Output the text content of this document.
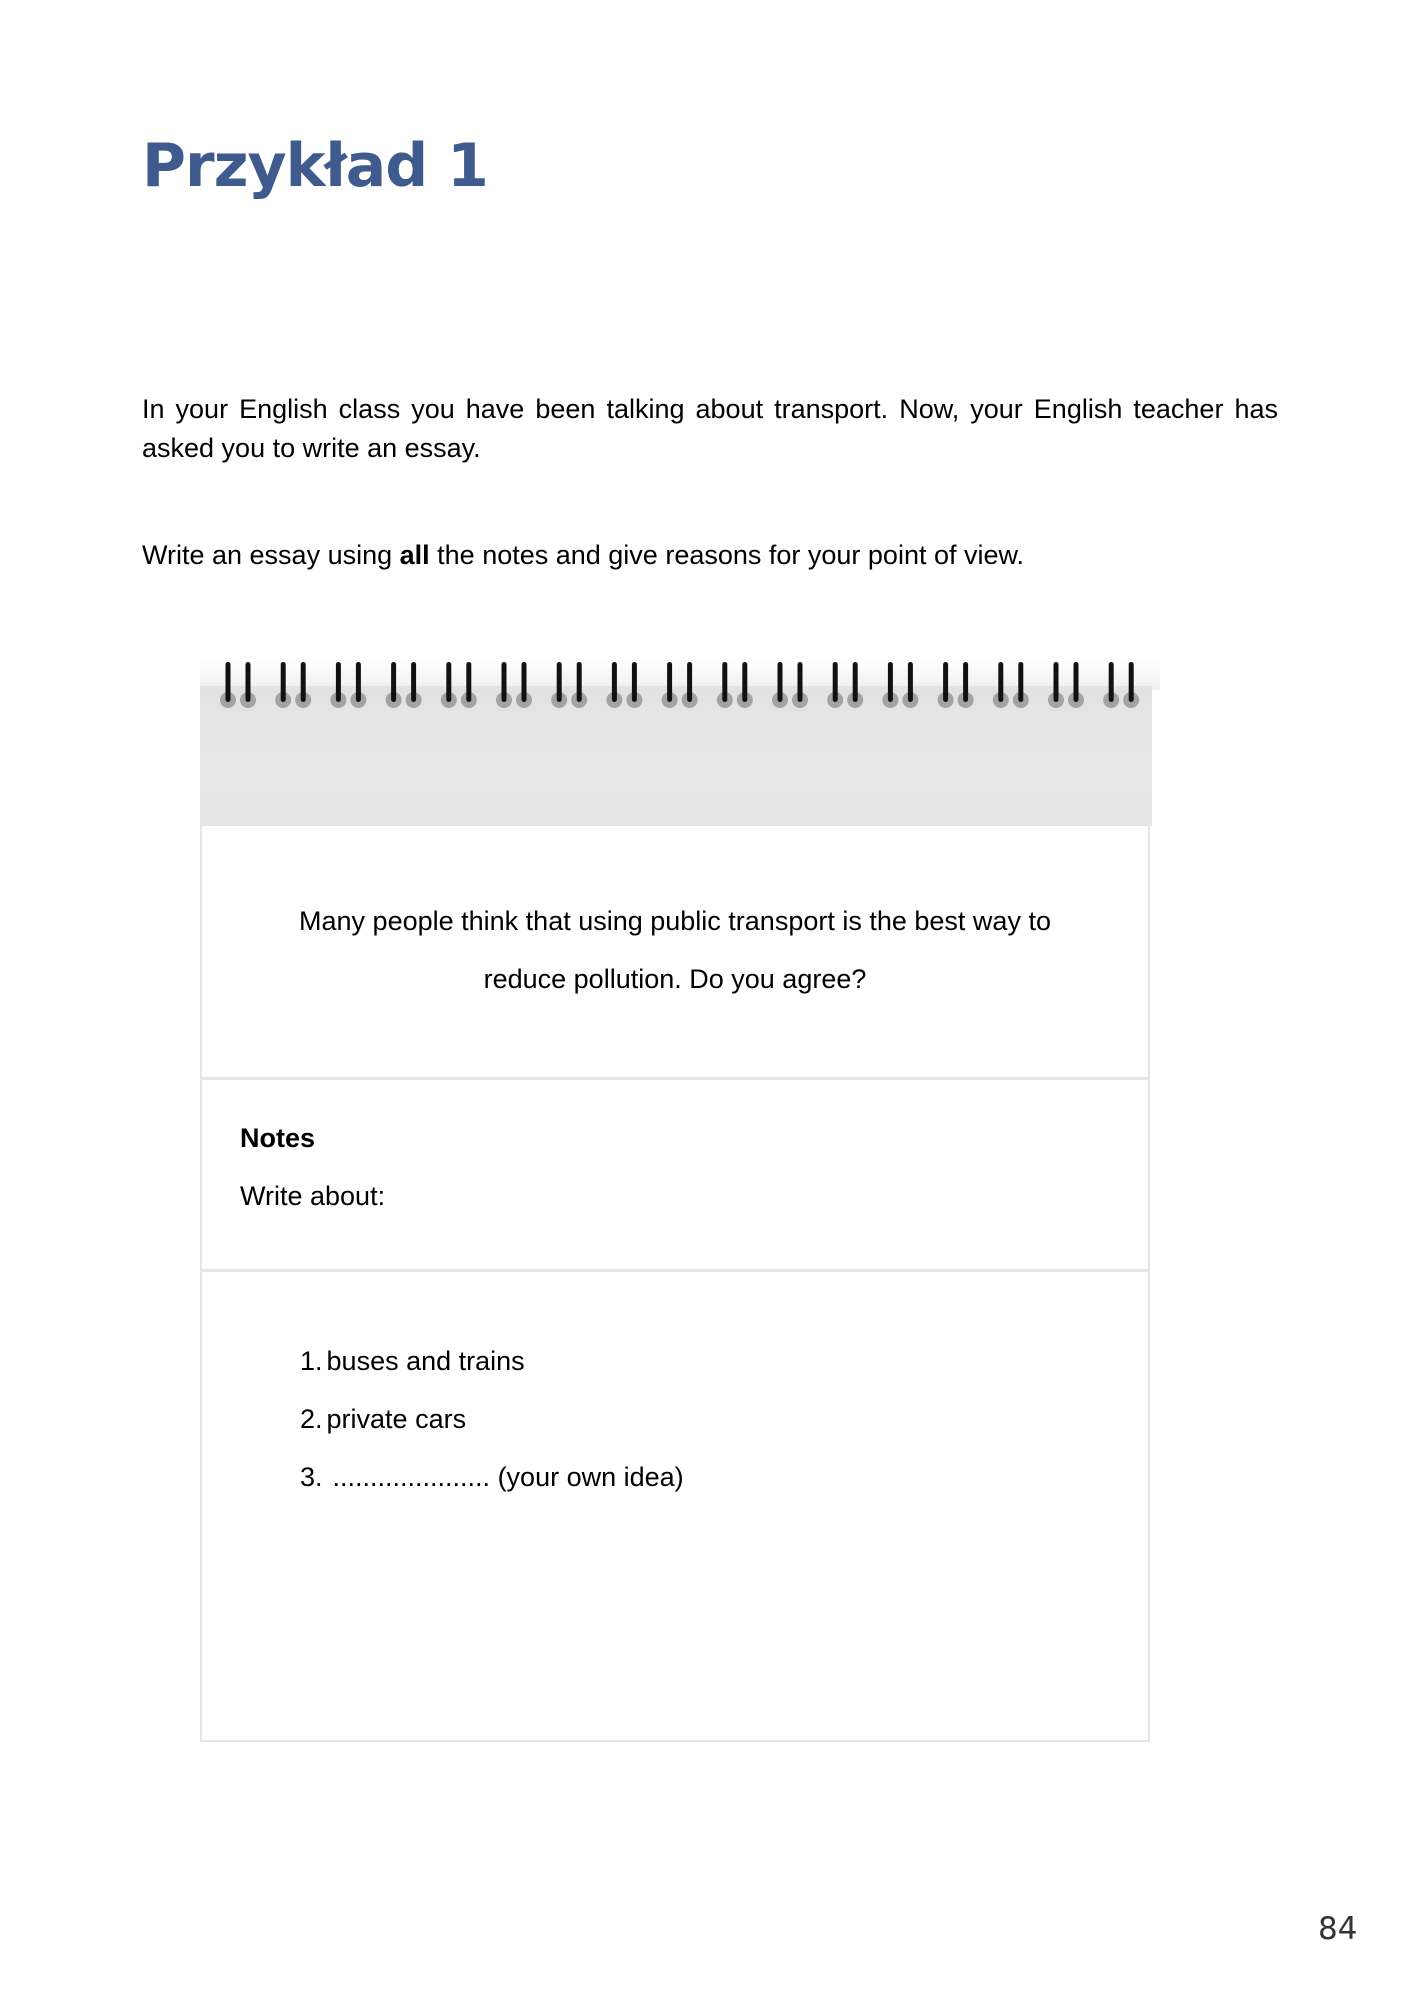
Przykład 1

In your English class you have been talking about transport. Now, your English teacher has asked you to write an essay.

Write an essay using all the notes and give reasons for your point of view.

Many people think that using public transport is the best way to
reduce pollution. Do you agree?

Notes

Write about:

1. buses and trains
2. private cars
3. ..................... (your own idea)

84
